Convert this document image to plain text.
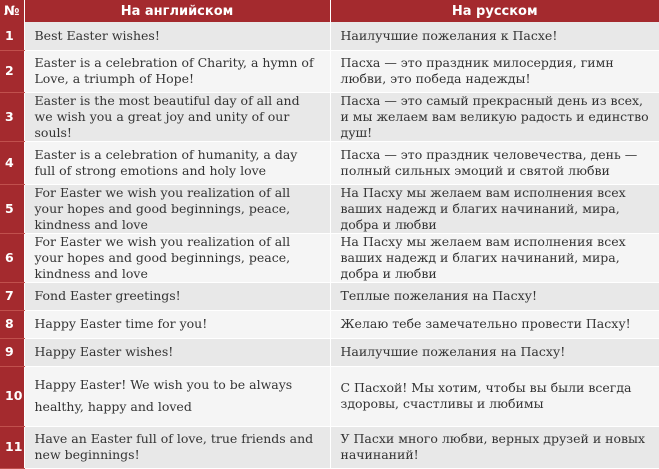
№	На английском	На русском
1	Best Easter wishes!	Наилучшие пожелания к Пасхе!
2	Easter is a celebration of Charity, a hymn of Love, a triumph of Hope!	Пасха — это праздник милосердия, гимн любви, это победа надежды!
3	Easter is the most beautiful day of all and we wish you a great joy and unity of our souls!	Пасха — это самый прекрасный день из всех, и мы желаем вам великую радость и единство душ!
4	Easter is a celebration of humanity, a day full of strong emotions and holy love	Пасха — это праздник человечества, день — полный сильных эмоций и святой любви
5	For Easter we wish you realization of all your hopes and good beginnings, peace, kindness and love	На Пасху мы желаем вам исполнения всех ваших надежд и благих начинаний, мира, добра и любви
6	For Easter we wish you realization of all your hopes and good beginnings, peace, kindness and love	На Пасху мы желаем вам исполнения всех ваших надежд и благих начинаний, мира, добра и любви
7	Fond Easter greetings!	Теплые пожелания на Пасху!
8	Happy Easter time for you!	Желаю тебе замечательно провести Пасху!
9	Happy Easter wishes!	Наилучшие пожелания на Пасху!
10	Happy Easter! We wish you to be always healthy, happy and loved	С Пасхой! Мы хотим, чтобы вы были всегда здоровы, счастливы и любимы
11	Have an Easter full of love, true friends and new beginnings!	У Пасхи много любви, верных друзей и новых начинаний!
